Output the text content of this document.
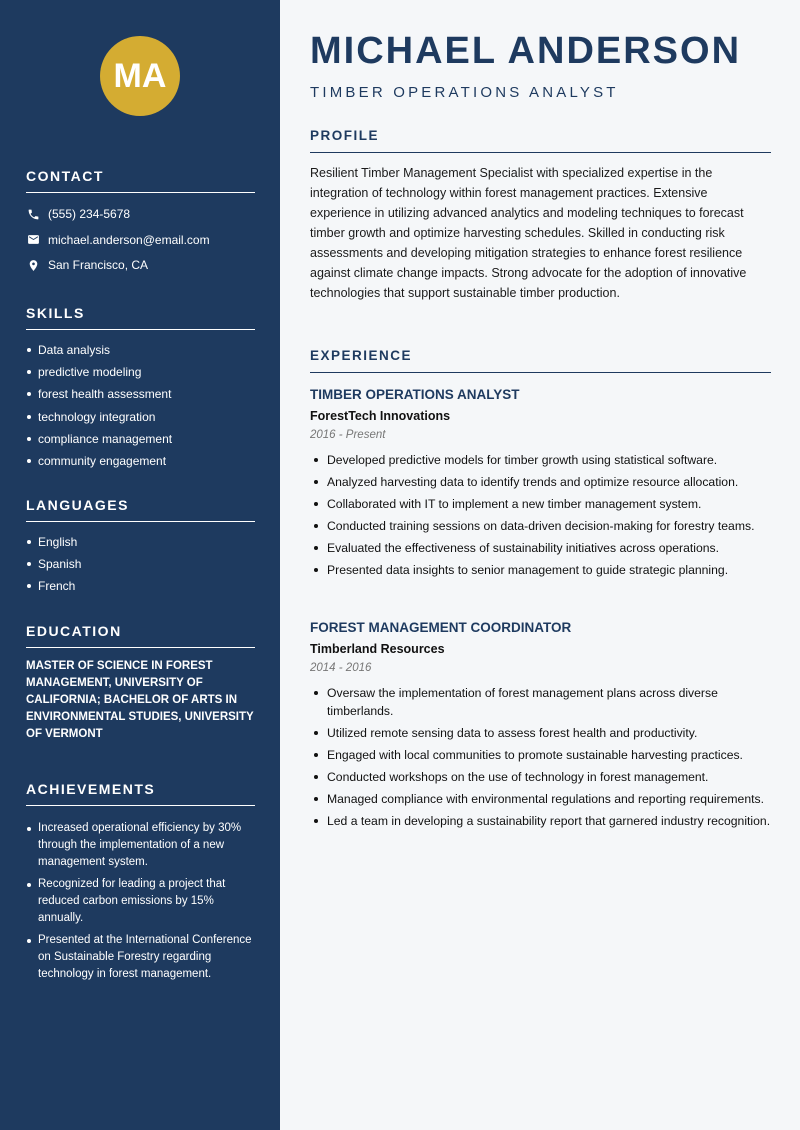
MA
CONTACT
(555) 234-5678
michael.anderson@email.com
San Francisco, CA
SKILLS
Data analysis
predictive modeling
forest health assessment
technology integration
compliance management
community engagement
LANGUAGES
English
Spanish
French
EDUCATION
MASTER OF SCIENCE IN FOREST MANAGEMENT, UNIVERSITY OF CALIFORNIA; BACHELOR OF ARTS IN ENVIRONMENTAL STUDIES, UNIVERSITY OF VERMONT
ACHIEVEMENTS
Increased operational efficiency by 30% through the implementation of a new management system.
Recognized for leading a project that reduced carbon emissions by 15% annually.
Presented at the International Conference on Sustainable Forestry regarding technology in forest management.
MICHAEL ANDERSON
TIMBER OPERATIONS ANALYST
PROFILE
Resilient Timber Management Specialist with specialized expertise in the integration of technology within forest management practices. Extensive experience in utilizing advanced analytics and modeling techniques to forecast timber growth and optimize harvesting schedules. Skilled in conducting risk assessments and developing mitigation strategies to enhance forest resilience against climate change impacts. Strong advocate for the adoption of innovative technologies that support sustainable timber production.
EXPERIENCE
TIMBER OPERATIONS ANALYST
ForestTech Innovations
2016 - Present
Developed predictive models for timber growth using statistical software.
Analyzed harvesting data to identify trends and optimize resource allocation.
Collaborated with IT to implement a new timber management system.
Conducted training sessions on data-driven decision-making for forestry teams.
Evaluated the effectiveness of sustainability initiatives across operations.
Presented data insights to senior management to guide strategic planning.
FOREST MANAGEMENT COORDINATOR
Timberland Resources
2014 - 2016
Oversaw the implementation of forest management plans across diverse timberlands.
Utilized remote sensing data to assess forest health and productivity.
Engaged with local communities to promote sustainable harvesting practices.
Conducted workshops on the use of technology in forest management.
Managed compliance with environmental regulations and reporting requirements.
Led a team in developing a sustainability report that garnered industry recognition.
